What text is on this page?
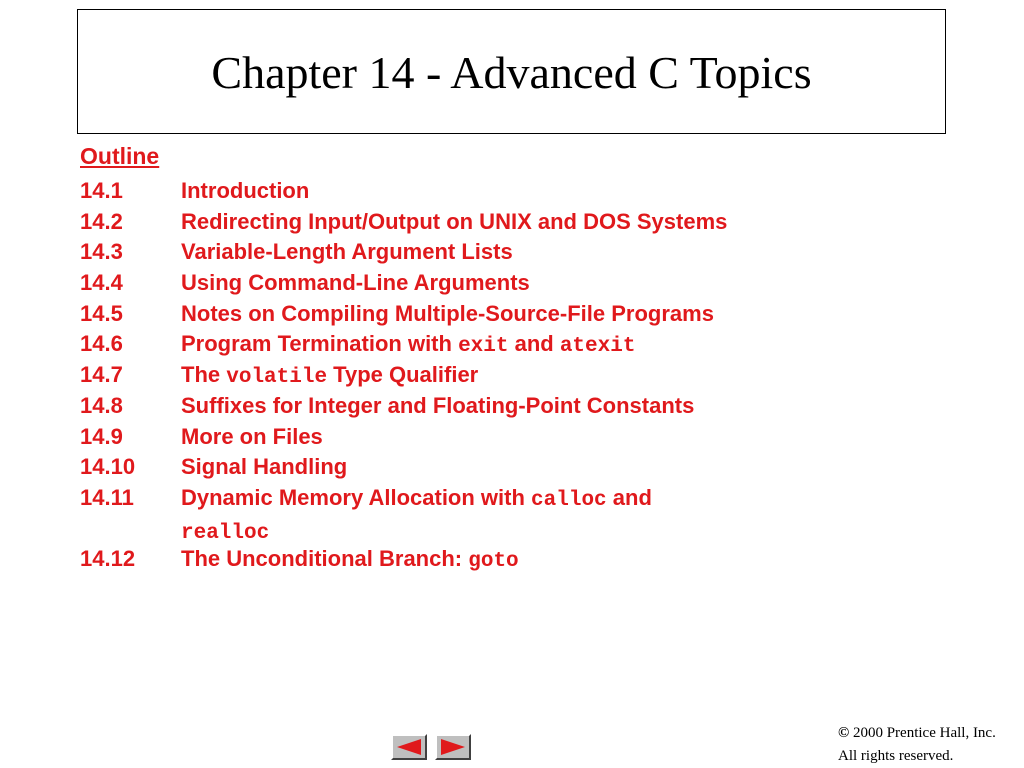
Chapter 14 - Advanced C Topics

Outline

14.1	Introduction
14.2	Redirecting Input/Output on UNIX and DOS Systems
14.3	Variable-Length Argument Lists
14.4	Using Command-Line Arguments
14.5	Notes on Compiling Multiple-Source-File Programs
14.6	Program Termination with exit and atexit
14.7	The volatile Type Qualifier
14.8	Suffixes for Integer and Floating-Point Constants
14.9	More on Files
14.10	Signal Handling
14.11	Dynamic Memory Allocation with calloc and
realloc
14.12	The Unconditional Branch: goto
© 2000 Prentice Hall, Inc.
All rights reserved.
